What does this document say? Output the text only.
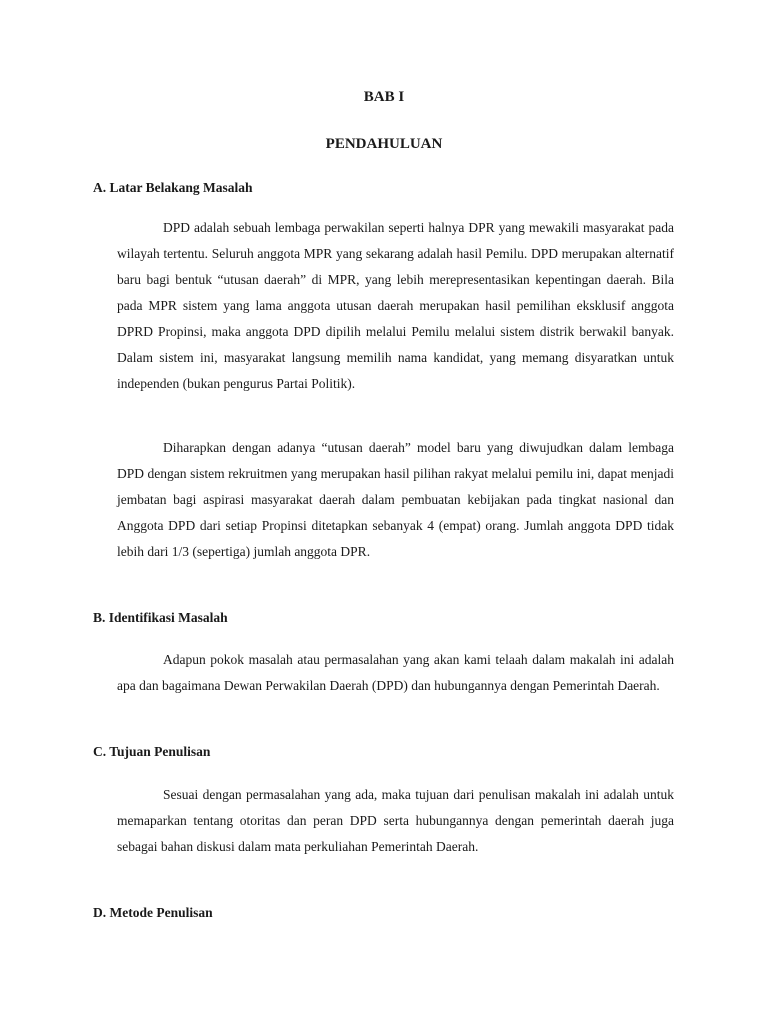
BAB I
PENDAHULUAN
A. Latar Belakang Masalah

DPD adalah sebuah lembaga perwakilan seperti halnya DPR yang mewakili masyarakat pada wilayah tertentu. Seluruh anggota MPR yang sekarang adalah hasil Pemilu. DPD merupakan alternatif baru bagi bentuk “utusan daerah” di MPR, yang lebih merepresentasikan kepentingan daerah. Bila pada MPR sistem yang lama anggota utusan daerah merupakan hasil pemilihan eksklusif anggota DPRD Propinsi, maka anggota DPD dipilih melalui Pemilu melalui sistem distrik berwakil banyak. Dalam sistem ini, masyarakat langsung memilih nama kandidat, yang memang disyaratkan untuk independen (bukan pengurus Partai Politik).

Diharapkan dengan adanya “utusan daerah” model baru yang diwujudkan dalam lembaga DPD dengan sistem rekruitmen yang merupakan hasil pilihan rakyat melalui pemilu ini, dapat menjadi jembatan bagi aspirasi masyarakat daerah dalam pembuatan kebijakan pada tingkat nasional dan Anggota DPD dari setiap Propinsi ditetapkan sebanyak 4 (empat) orang. Jumlah anggota DPD tidak lebih dari 1/3 (sepertiga) jumlah anggota DPR.

B. Identifikasi Masalah

Adapun pokok masalah atau permasalahan yang akan kami telaah dalam makalah ini adalah apa dan bagaimana Dewan Perwakilan Daerah (DPD) dan hubungannya dengan Pemerintah Daerah.

C. Tujuan Penulisan

Sesuai dengan permasalahan yang ada, maka tujuan dari penulisan makalah ini adalah untuk memaparkan tentang otoritas dan peran DPD serta hubungannya dengan pemerintah daerah juga sebagai bahan diskusi dalam mata perkuliahan Pemerintah Daerah.

D. Metode Penulisan
